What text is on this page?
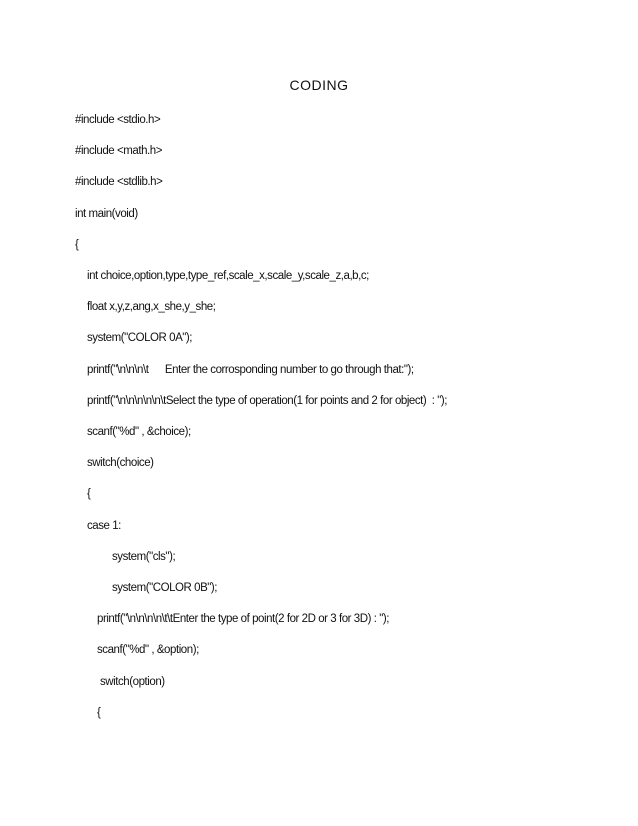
CODING
#include <stdio.h>
#include <math.h>
#include <stdlib.h>
int main(void)
{
int choice,option,type,type_ref,scale_x,scale_y,scale_z,a,b,c;
float x,y,z,ang,x_she,y_she;
system("COLOR 0A");
printf("\n\n\n\t      Enter the corrosponding number to go through that:");
printf("\n\n\n\n\n\tSelect the type of operation(1 for points and 2 for object)  : ");
scanf("%d" , &choice);
switch(choice)
{
case 1:
system("cls");
system("COLOR 0B");
printf("\n\n\n\n\t\tEnter the type of point(2 for 2D or 3 for 3D) : ");
scanf("%d" , &option);
switch(option)
{
